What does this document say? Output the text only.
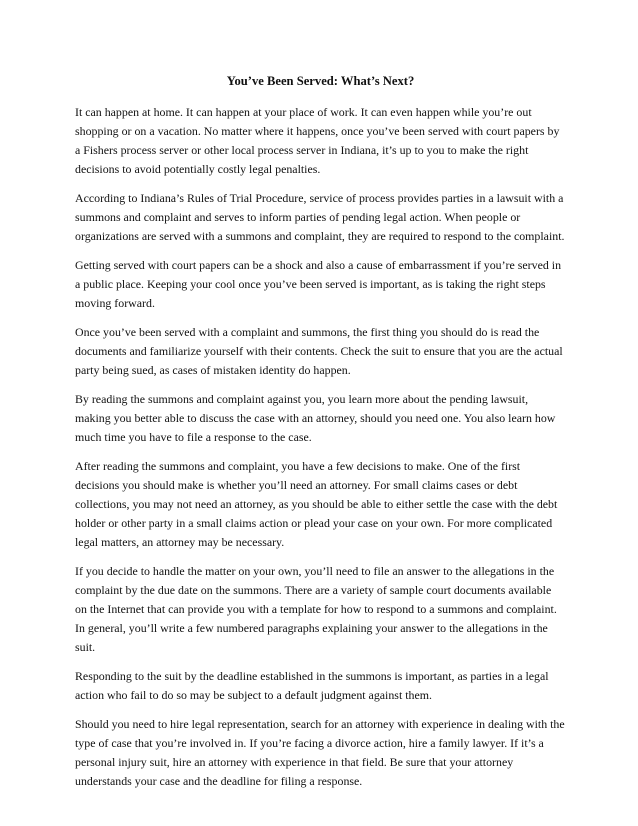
You’ve Been Served: What’s Next?

It can happen at home. It can happen at your place of work. It can even happen while you’re out shopping or on a vacation. No matter where it happens, once you’ve been served with court papers by a Fishers process server or other local process server in Indiana, it’s up to you to make the right decisions to avoid potentially costly legal penalties.

According to Indiana’s Rules of Trial Procedure, service of process provides parties in a lawsuit with a summons and complaint and serves to inform parties of pending legal action. When people or organizations are served with a summons and complaint, they are required to respond to the complaint.

Getting served with court papers can be a shock and also a cause of embarrassment if you’re served in a public place. Keeping your cool once you’ve been served is important, as is taking the right steps moving forward.

Once you’ve been served with a complaint and summons, the first thing you should do is read the documents and familiarize yourself with their contents. Check the suit to ensure that you are the actual party being sued, as cases of mistaken identity do happen.

By reading the summons and complaint against you, you learn more about the pending lawsuit, making you better able to discuss the case with an attorney, should you need one. You also learn how much time you have to file a response to the case.

After reading the summons and complaint, you have a few decisions to make. One of the first decisions you should make is whether you’ll need an attorney. For small claims cases or debt collections, you may not need an attorney, as you should be able to either settle the case with the debt holder or other party in a small claims action or plead your case on your own. For more complicated legal matters, an attorney may be necessary.

If you decide to handle the matter on your own, you’ll need to file an answer to the allegations in the complaint by the due date on the summons. There are a variety of sample court documents available on the Internet that can provide you with a template for how to respond to a summons and complaint. In general, you’ll write a few numbered paragraphs explaining your answer to the allegations in the suit.

Responding to the suit by the deadline established in the summons is important, as parties in a legal action who fail to do so may be subject to a default judgment against them.

Should you need to hire legal representation, search for an attorney with experience in dealing with the type of case that you’re involved in. If you’re facing a divorce action, hire a family lawyer. If it’s a personal injury suit, hire an attorney with experience in that field. Be sure that your attorney understands your case and the deadline for filing a response.
